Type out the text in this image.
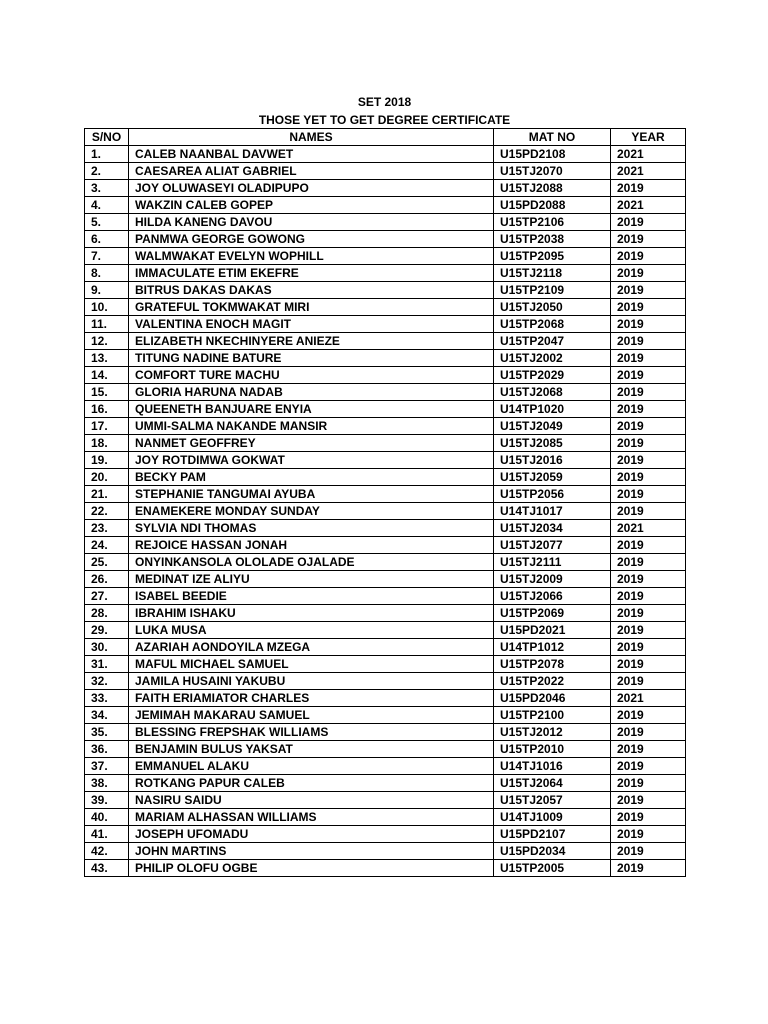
SET 2018
THOSE YET TO GET DEGREE CERTIFICATE
S/NO	NAMES	MAT NO	YEAR
1.	CALEB NAANBAL DAVWET	U15PD2108	2021
2.	CAESAREA ALIAT GABRIEL	U15TJ2070	2021
3.	JOY OLUWASEYI OLADIPUPO	U15TJ2088	2019
4.	WAKZIN CALEB GOPEP	U15PD2088	2021
5.	HILDA KANENG DAVOU	U15TP2106	2019
6.	PANMWA GEORGE GOWONG	U15TP2038	2019
7.	WALMWAKAT EVELYN WOPHILL	U15TP2095	2019
8.	IMMACULATE ETIM EKEFRE	U15TJ2118	2019
9.	BITRUS DAKAS DAKAS	U15TP2109	2019
10.	GRATEFUL TOKMWAKAT MIRI	U15TJ2050	2019
11.	VALENTINA ENOCH MAGIT	U15TP2068	2019
12.	ELIZABETH NKECHINYERE ANIEZE	U15TP2047	2019
13.	TITUNG NADINE BATURE	U15TJ2002	2019
14.	COMFORT TURE MACHU	U15TP2029	2019
15.	GLORIA HARUNA NADAB	U15TJ2068	2019
16.	QUEENETH BANJUARE ENYIA	U14TP1020	2019
17.	UMMI-SALMA NAKANDE MANSIR	U15TJ2049	2019
18.	NANMET GEOFFREY	U15TJ2085	2019
19.	JOY ROTDIMWA GOKWAT	U15TJ2016	2019
20.	BECKY PAM	U15TJ2059	2019
21.	STEPHANIE TANGUMAI AYUBA	U15TP2056	2019
22.	ENAMEKERE MONDAY SUNDAY	U14TJ1017	2019
23.	SYLVIA NDI THOMAS	U15TJ2034	2021
24.	REJOICE HASSAN JONAH	U15TJ2077	2019
25.	ONYINKANSOLA OLOLADE OJALADE	U15TJ2111	2019
26.	MEDINAT IZE ALIYU	U15TJ2009	2019
27.	ISABEL BEEDIE	U15TJ2066	2019
28.	IBRAHIM ISHAKU	U15TP2069	2019
29.	LUKA MUSA	U15PD2021	2019
30.	AZARIAH AONDOYILA MZEGA	U14TP1012	2019
31.	MAFUL MICHAEL SAMUEL	U15TP2078	2019
32.	JAMILA HUSAINI YAKUBU	U15TP2022	2019
33.	FAITH ERIAMIATOR CHARLES	U15PD2046	2021
34.	JEMIMAH MAKARAU SAMUEL	U15TP2100	2019
35.	BLESSING FREPSHAK WILLIAMS	U15TJ2012	2019
36.	BENJAMIN BULUS YAKSAT	U15TP2010	2019
37.	EMMANUEL ALAKU	U14TJ1016	2019
38.	ROTKANG PAPUR CALEB	U15TJ2064	2019
39.	NASIRU SAIDU	U15TJ2057	2019
40.	MARIAM ALHASSAN WILLIAMS	U14TJ1009	2019
41.	JOSEPH UFOMADU	U15PD2107	2019
42.	JOHN MARTINS	U15PD2034	2019
43.	PHILIP OLOFU OGBE	U15TP2005	2019
